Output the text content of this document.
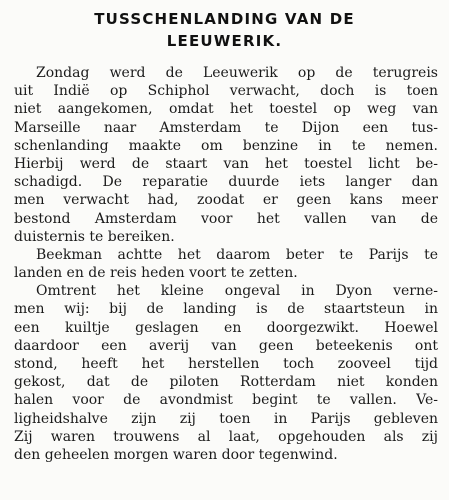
TUSSCHENLANDING VAN DE
LEEUWERIK.
Zondag werd de Leeuwerik op de terugreis
uit Indië op Schiphol verwacht, doch is toen
niet aangekomen, omdat het toestel op weg van
Marseille naar Amsterdam te Dijon een tus-
schenlanding maakte om benzine in te nemen.
Hierbij werd de staart van het toestel licht be-
schadigd. De reparatie duurde iets langer dan
men verwacht had, zoodat er geen kans meer
bestond Amsterdam voor het vallen van de
duisternis te bereiken.
Beekman achtte het daarom beter te Parijs te
landen en de reis heden voort te zetten.
Omtrent het kleine ongeval in Dyon verne-
men wij: bij de landing is de staartsteun in
een kuiltje geslagen en doorgezwikt. Hoewel
daardoor een averij van geen beteekenis ont
stond, heeft het herstellen toch zooveel tijd
gekost, dat de piloten Rotterdam niet konden
halen voor de avondmist begint te vallen. Ve-
ligheidshalve zijn zij toen in Parijs gebleven
Zij waren trouwens al laat, opgehouden als zij
den geheelen morgen waren door tegenwind.
